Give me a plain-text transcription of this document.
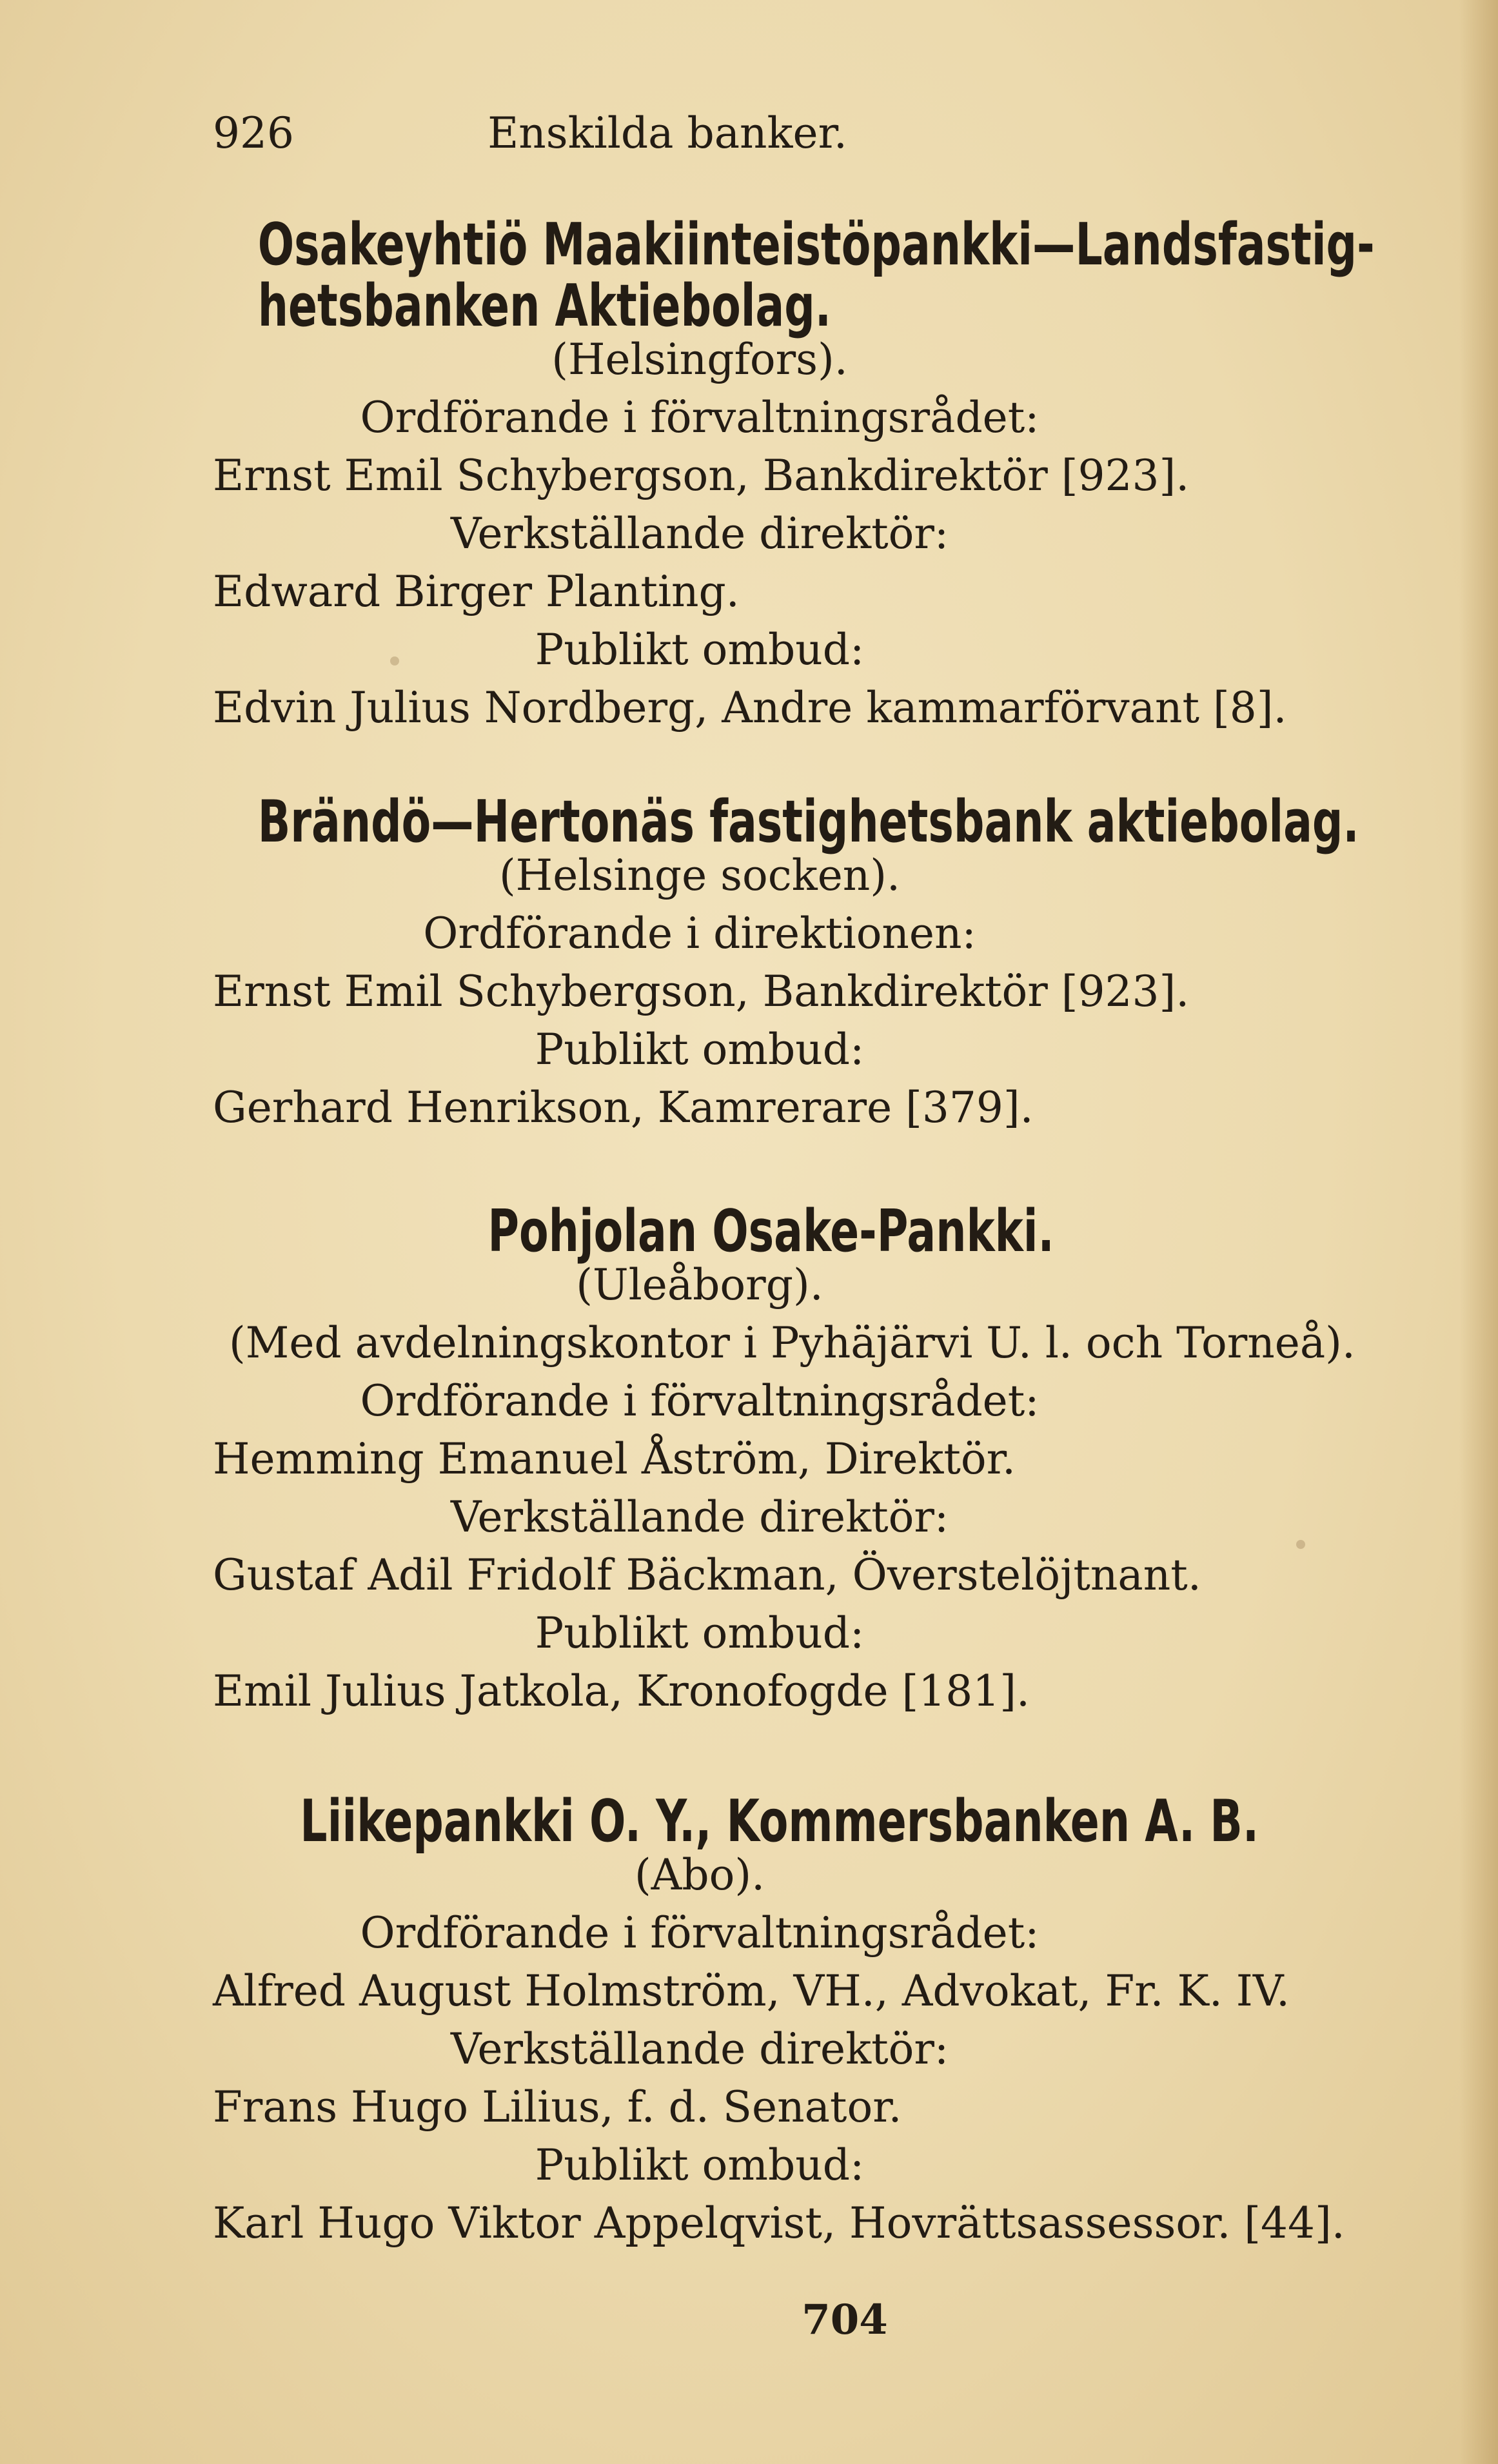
926	Enskilda banker.
Osakeyhtiö Maakiinteistöpankki—Landsfastig-
hetsbanken Aktiebolag.
(Helsingfors).
Ordförande i förvaltningsrådet:
Ernst Emil Schybergson, Bankdirektör [923].
Verkställande direktör:
Edward Birger Planting.
Publikt ombud:
Edvin Julius Nordberg, Andre kammarförvant [8].
Brändö—Hertonäs fastighetsbank aktiebolag.
(Helsinge socken).
Ordförande i direktionen:
Ernst Emil Schybergson, Bankdirektör [923].
Publikt ombud:
Gerhard Henrikson, Kamrerare [379].
Pohjolan Osake-Pankki.
(Uleåborg).
(Med avdelningskontor i Pyhäjärvi U. l. och Torneå).
Ordförande i förvaltningsrådet:
Hemming Emanuel Åström, Direktör.
Verkställande direktör:
Gustaf Adil Fridolf Bäckman, Överstelöjtnant.
Publikt ombud:
Emil Julius Jatkola, Kronofogde [181].
Liikepankki O. Y., Kommersbanken A. B.
(Abo).
Ordförande i förvaltningsrådet:
Alfred August Holmström, VH., Advokat, Fr. K. IV.
Verkställande direktör:
Frans Hugo Lilius, f. d. Senator.
Publikt ombud:
Karl Hugo Viktor Appelqvist, Hovrättsassessor. [44].
704
